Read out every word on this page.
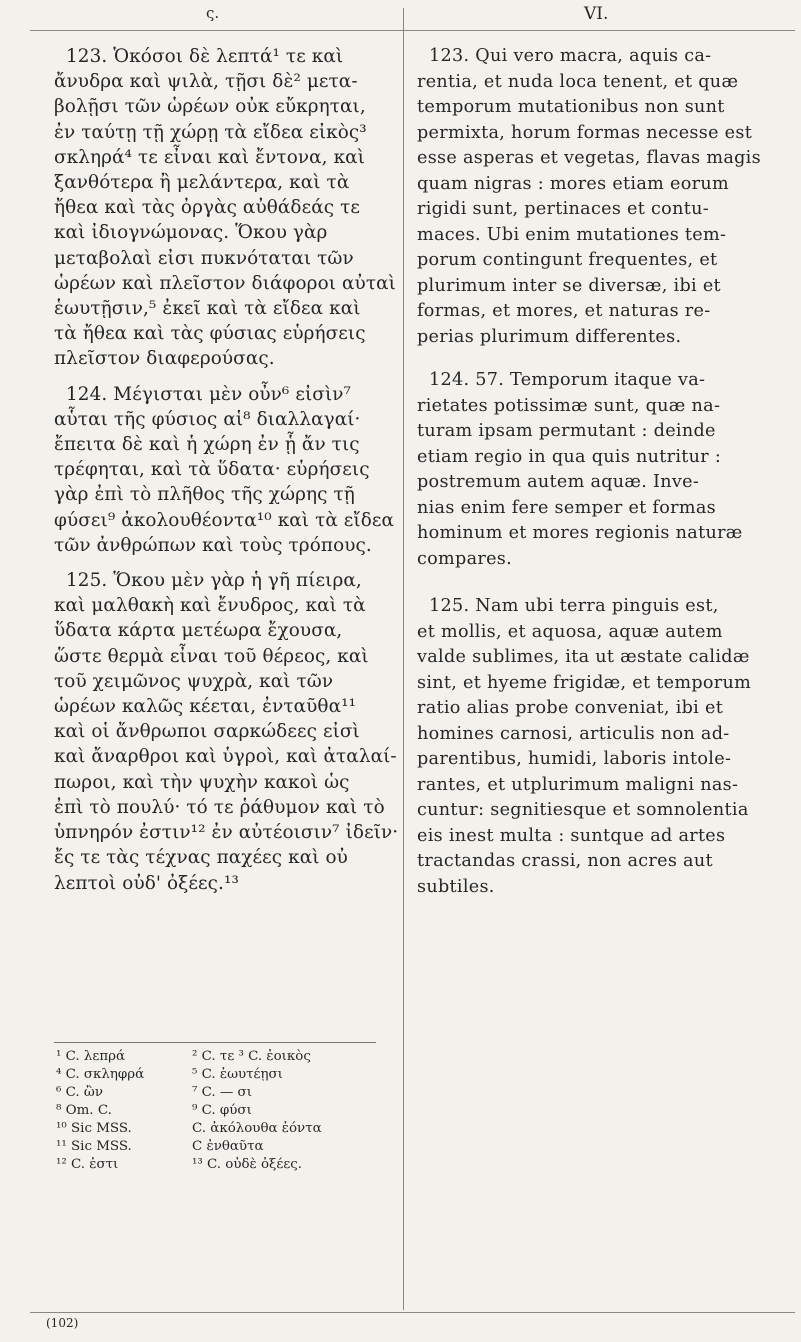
ς.	VI.
123. Ὁκόσοι δὲ λεπτά¹ τε καὶ
ἄνυδρα καὶ ψιλὰ, τῇσι δὲ² μετα-
βολῇσι τῶν ὡρέων οὐκ εὔκρηται,
ἐν ταύτῃ τῇ χώρῃ τὰ εἴδεα εἰκὸς³
σκληρά⁴ τε εἶναι καὶ ἔντονα, καὶ
ξανθότερα ἢ μελάντερα, καὶ τὰ
ἤθεα καὶ τὰς ὀργὰς αὐθάδεάς τε
καὶ ἰδιογνώμονας. Ὅκου γὰρ
μεταβολαὶ εἰσι πυκνόταται τῶν
ὡρέων καὶ πλεῖστον διάφοροι αὐταὶ
ἑωυτῇσιν,⁵ ἐκεῖ καὶ τὰ εἴδεα καὶ
τὰ ἤθεα καὶ τὰς φύσιας εὑρήσεις
πλεῖστον διαφερούσας.
124. Μέγισται μὲν οὖν⁶ εἰσὶν⁷
αὗται τῆς φύσιος αἱ⁸ διαλλαγαί·
ἔπειτα δὲ καὶ ἡ χώρη ἐν ᾗ ἄν τις
τρέφηται, καὶ τὰ ὕδατα· εὑρήσεις
γὰρ ἐπὶ τὸ πλῆθος τῆς χώρης τῇ
φύσει⁹ ἀκολουθέοντα¹⁰ καὶ τὰ εἴδεα
τῶν ἀνθρώπων καὶ τοὺς τρόπους.
125. Ὅκου μὲν γὰρ ἡ γῆ πίειρα,
καὶ μαλθακὴ καὶ ἔνυδρος, καὶ τὰ
ὕδατα κάρτα μετέωρα ἔχουσα,
ὥστε θερμὰ εἶναι τοῦ θέρεος, καὶ
τοῦ χειμῶνος ψυχρὰ, καὶ τῶν
ὡρέων καλῶς κέεται, ἐνταῦθα¹¹
καὶ οἱ ἄνθρωποι σαρκώδεες εἰσὶ
καὶ ἄναρθροι καὶ ὑγροὶ, καὶ ἀταλαί-
πωροι, καὶ τὴν ψυχὴν κακοὶ ὡς
ἐπὶ τὸ πουλύ· τό τε ῥάθυμον καὶ τὸ
ὑπνηρόν ἐστιν¹² ἐν αὐτέοισιν⁷ ἰδεῖν·
ἔς τε τὰς τέχνας παχέες καὶ οὐ
λεπτοὶ οὐδ' ὀξέες.¹³
¹ C. λεπρά	² C. τε ³ C. ἐοικὸς
⁴ C. σκληφρά	⁵ C. ἑωυτέῃσι
⁶ C. ὢν	⁷ C. — σι
⁸ Om. C.	⁹ C. φύσι
¹⁰ Sic MSS.	C. ἀκόλουθα ἐόντα
¹¹ Sic MSS.	C ἐνθαῦτα
¹² C. ἐστι	¹³ C. οὐδὲ ὀξέες.
123. Qui vero macra, aquis ca-
rentia, et nuda loca tenent, et quæ
temporum mutationibus non sunt
permixta, horum formas necesse est
esse asperas et vegetas, flavas magis
quam nigras : mores etiam eorum
rigidi sunt, pertinaces et contu-
maces. Ubi enim mutationes tem-
porum contingunt frequentes, et
plurimum inter se diversæ, ibi et
formas, et mores, et naturas re-
perias plurimum differentes.
124. 57. Temporum itaque va-
rietates potissimæ sunt, quæ na-
turam ipsam permutant : deinde
etiam regio in qua quis nutritur :
postremum autem aquæ. Inve-
nias enim fere semper et formas
hominum et mores regionis naturæ
compares.
125. Nam ubi terra pinguis est,
et mollis, et aquosa, aquæ autem
valde sublimes, ita ut æstate calidæ
sint, et hyeme frigidæ, et temporum
ratio alias probe conveniat, ibi et
homines carnosi, articulis non ad-
parentibus, humidi, laboris intole-
rantes, et utplurimum maligni nas-
cuntur: segnitiesque et somnolentia
eis inest multa : suntque ad artes
tractandas crassi, non acres aut
subtiles.
(102)
